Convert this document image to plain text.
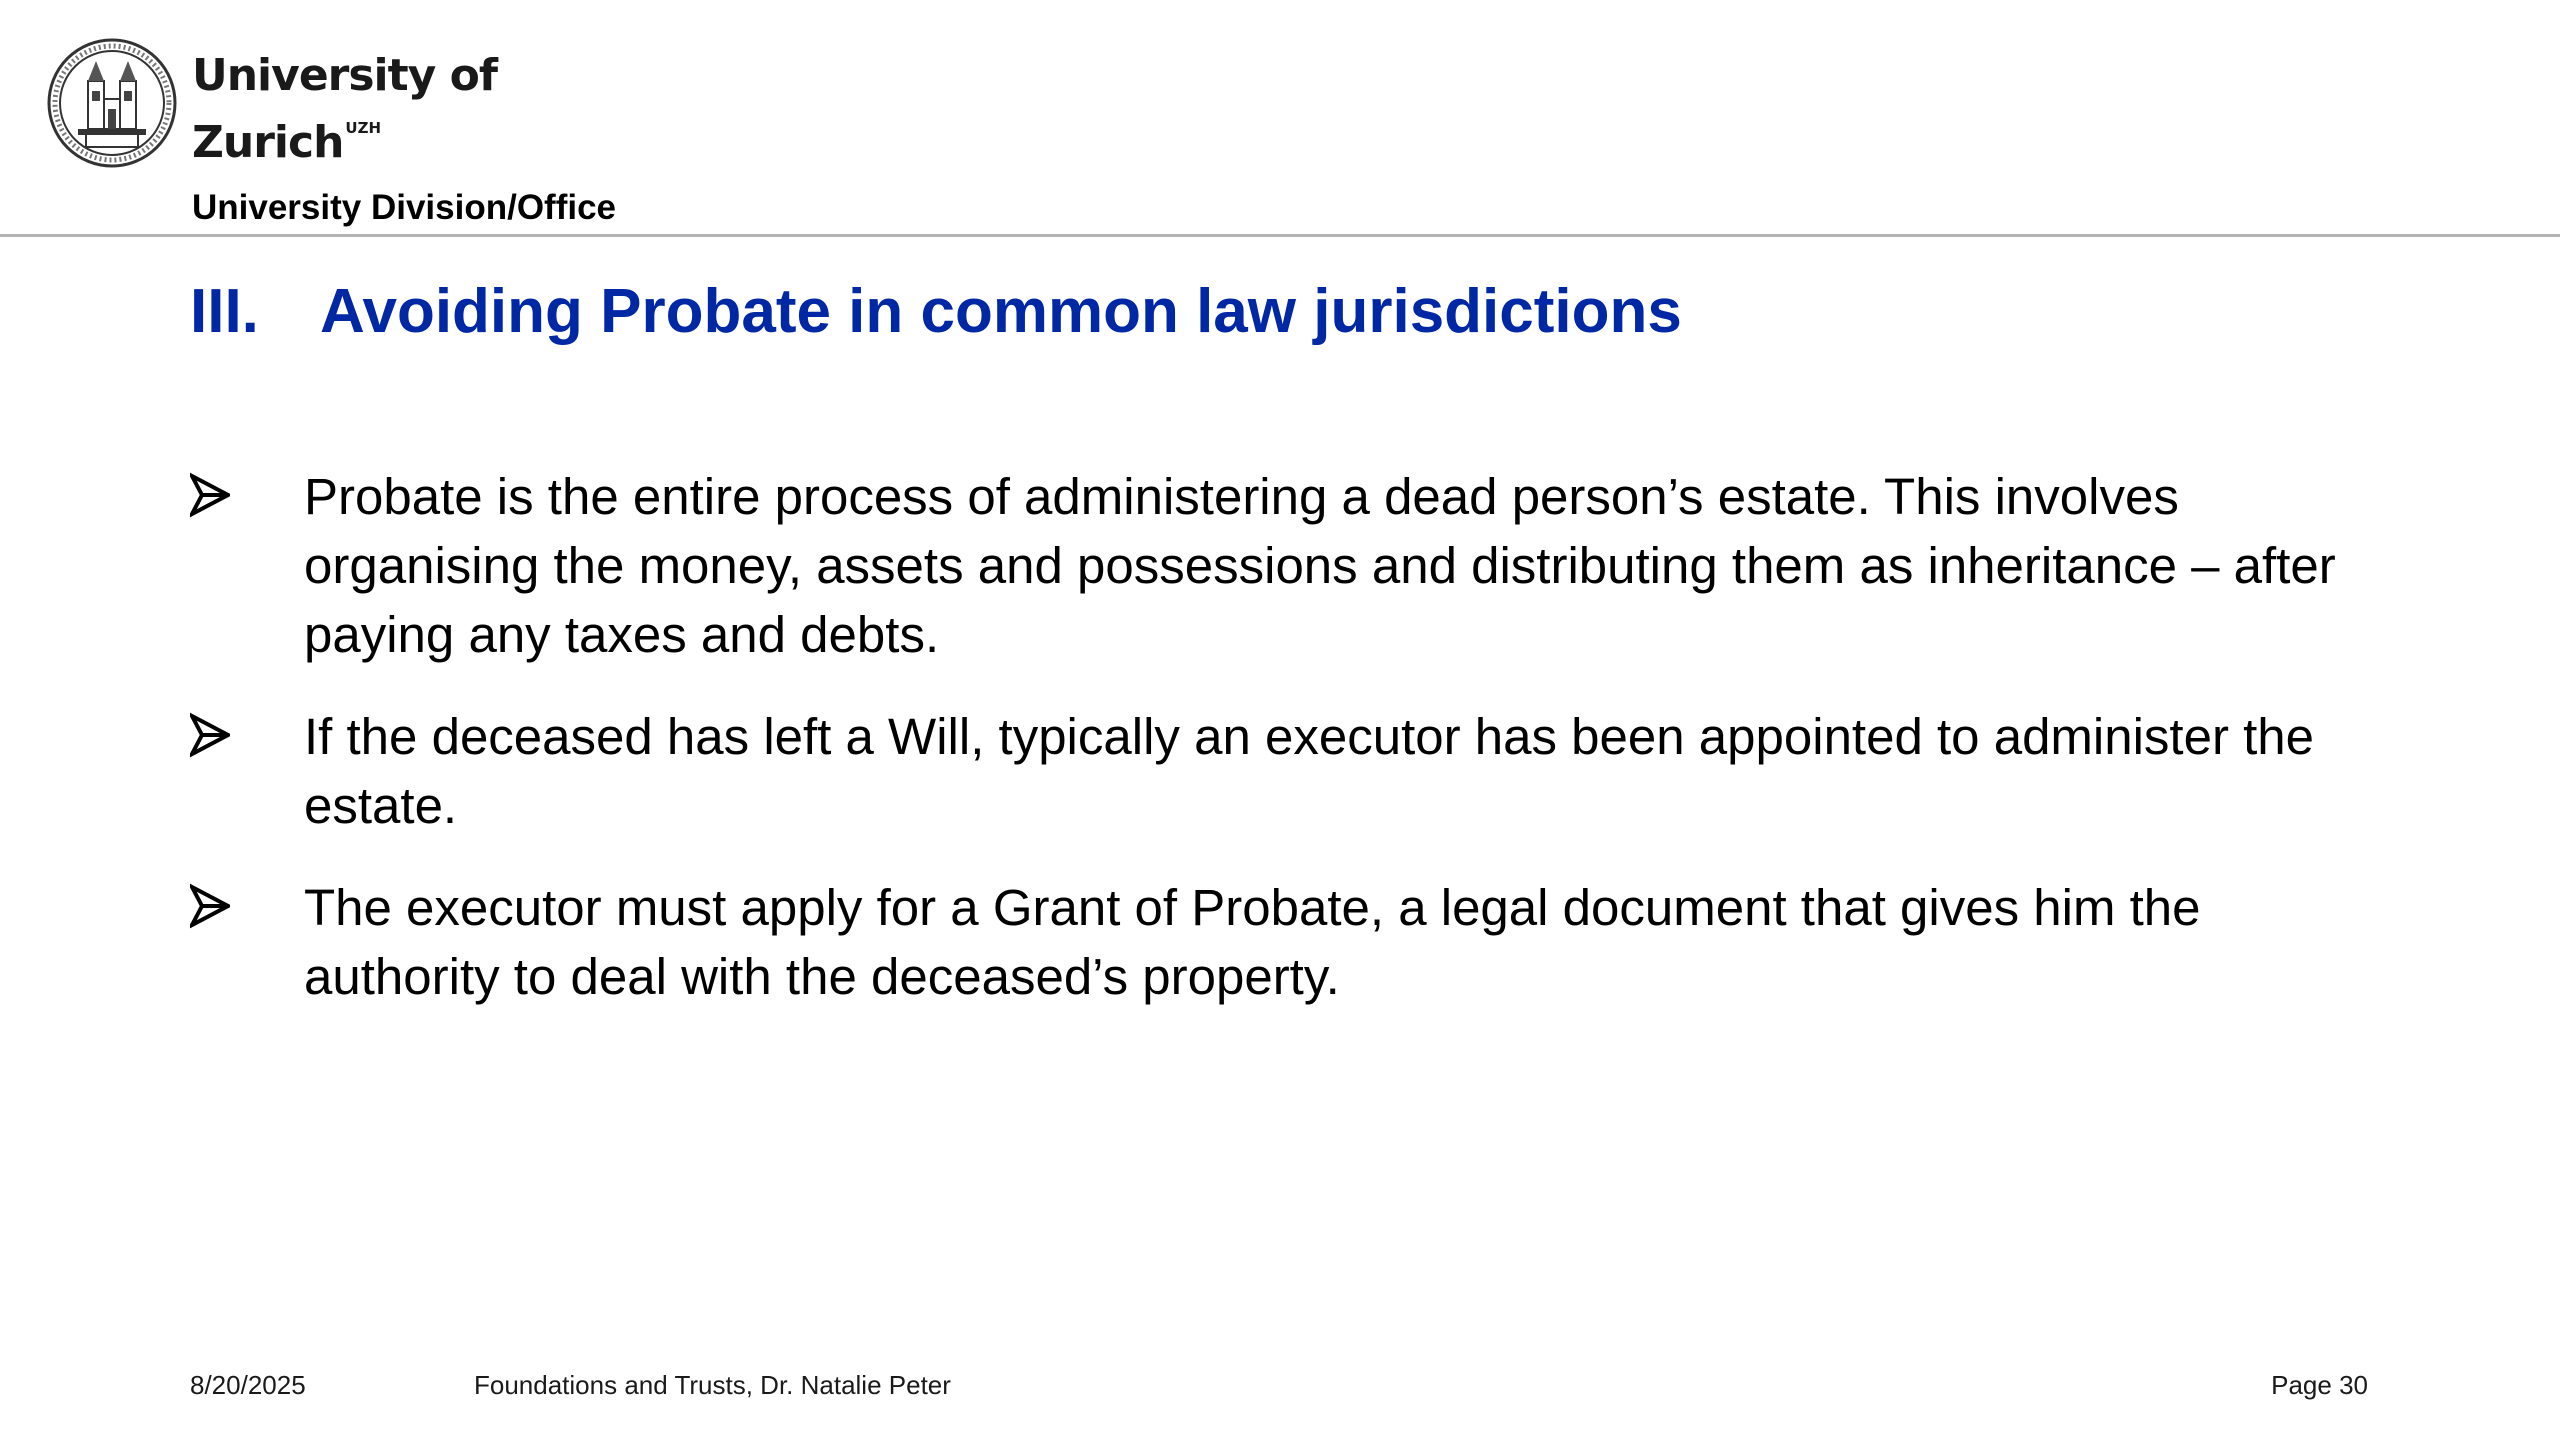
University of
Zurich $^{UZH}$
University Division/Office
III. Avoiding Probate in common law jurisdictions
Probate is the entire process of administering a dead person’s estate. This involves organising the money, assets and possessions and distributing them as inheritance – after paying any taxes and debts.
If the deceased has left a Will, typically an executor has been appointed to administer the estate.
The executor must apply for a Grant of Probate, a legal document that gives him the authority to deal with the deceased’s property.
8/20/2025	Foundations and Trusts, Dr. Natalie Peter	Page 30
